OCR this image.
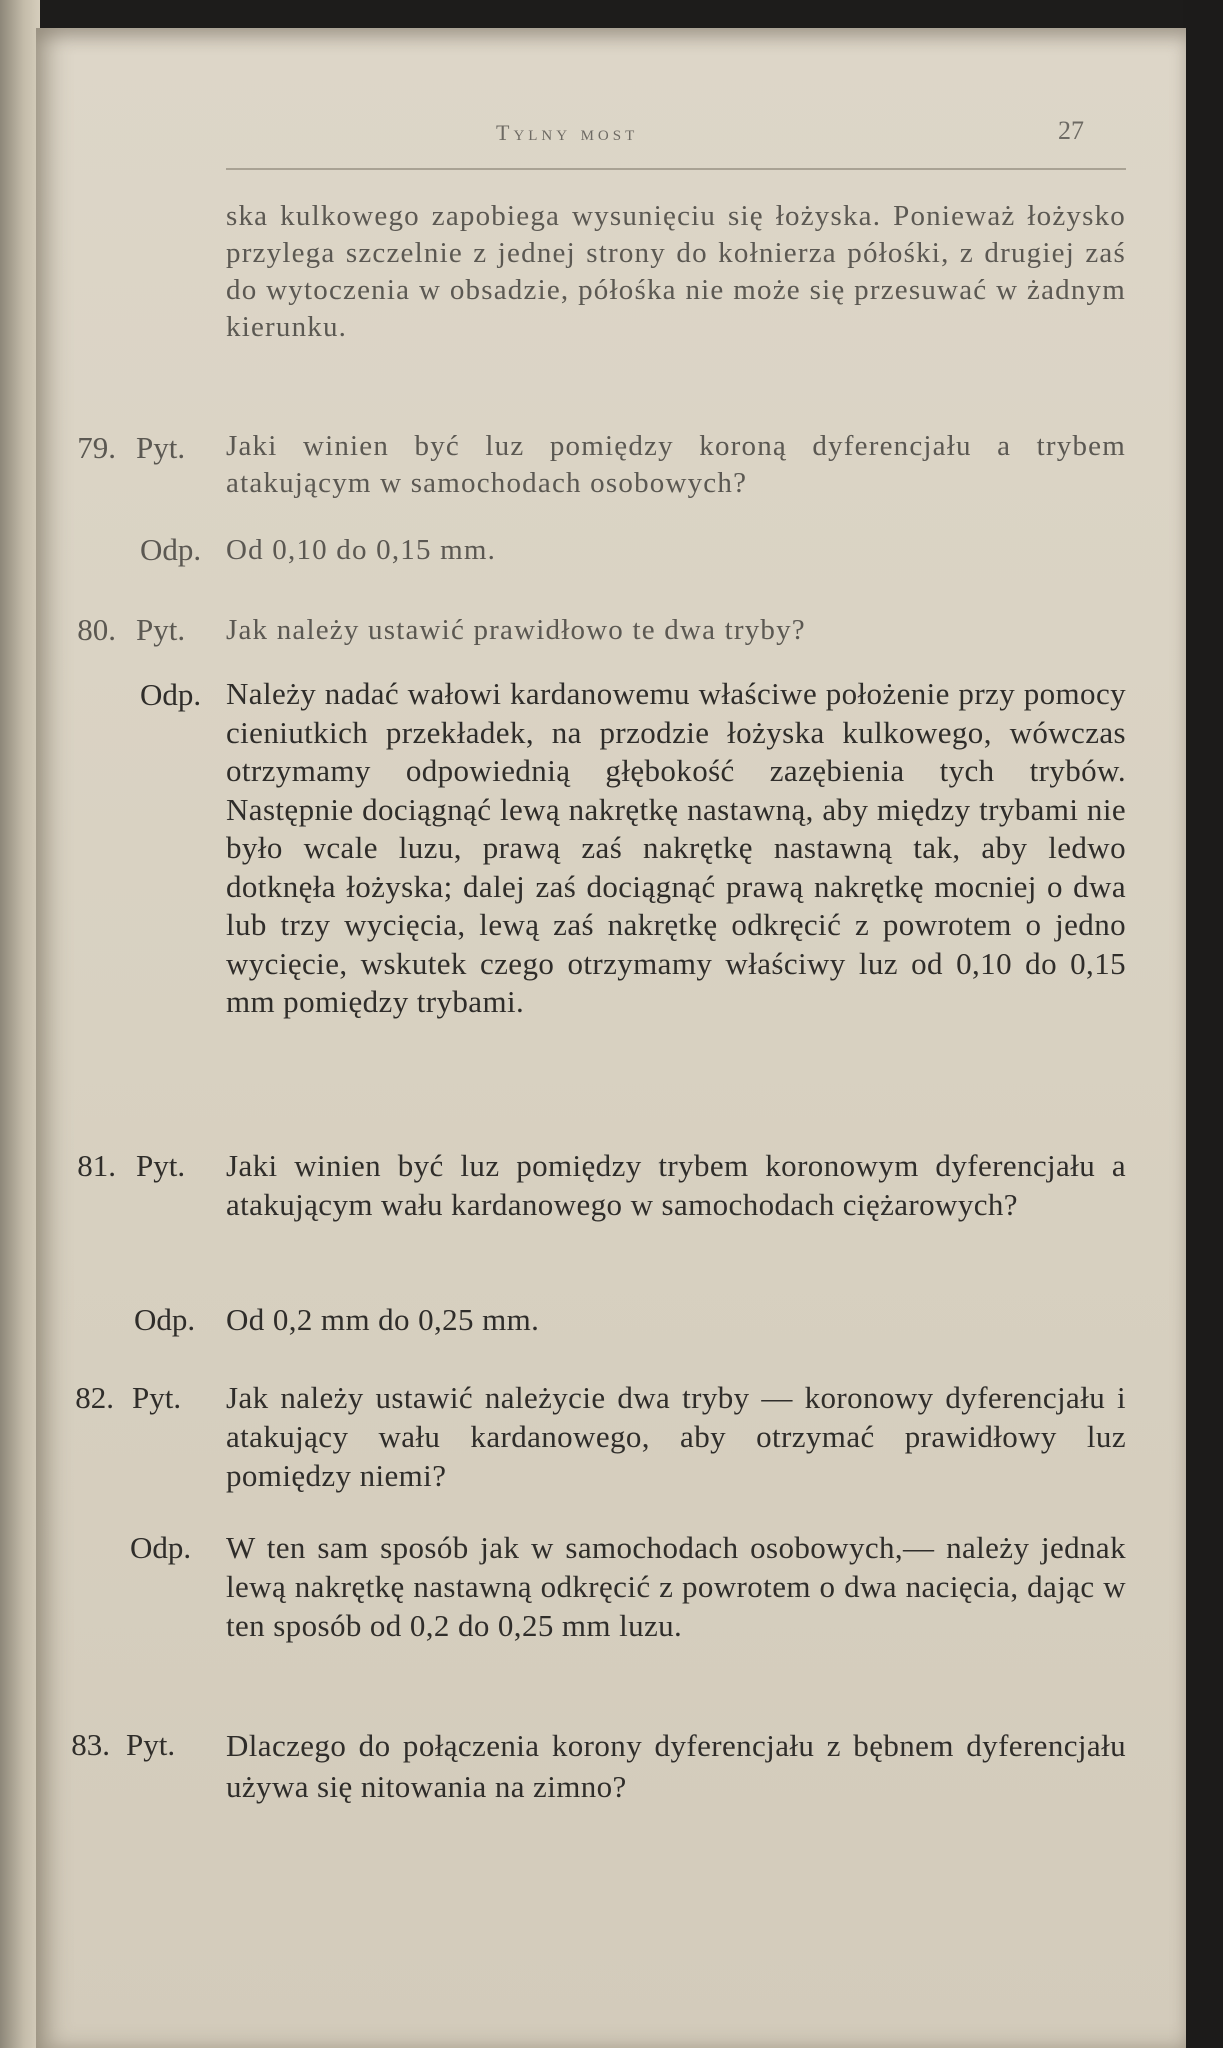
Tylny most	27
ska kulkowego zapobiega wysunięciu się łożyska. Ponieważ łożysko przylega szczelnie z jednej strony do kołnierza półośki, z drugiej zaś do wytoczenia w obsadzie, półośka nie może się przesuwać w żadnym kierunku.
79. Pyt.	Jaki winien być luz pomiędzy koroną dyferencjału a trybem atakującym w samochodach osobowych?
Odp. Od 0,10 do 0,15 mm.
80. Pyt.	Jak należy ustawić prawidłowo te dwa tryby?
Odp. Należy nadać wałowi kardanowemu właściwe położenie przy pomocy cieniutkich przekładek, na przodzie łożyska kulkowego, wówczas otrzymamy odpowiednią głębokość zazębienia tych trybów. Następnie dociągnąć lewą nakrętkę nastawną, aby między trybami nie było wcale luzu, prawą zaś nakrętkę nastawną tak, aby ledwo dotknęła łożyska; dalej zaś dociągnąć prawą nakrętkę mocniej o dwa lub trzy wycięcia, lewą zaś nakrętkę odkręcić z powrotem o jedno wycięcie, wskutek czego otrzymamy właściwy luz od 0,10 do 0,15 mm pomiędzy trybami.
81. Pyt.	Jaki winien być luz pomiędzy trybem koronowym dyferencjału a atakującym wału kardanowego w samochodach ciężarowych?
Odp. Od 0,2 mm do 0,25 mm.
82. Pyt.	Jak należy ustawić należycie dwa tryby — koronowy dyferencjału i atakujący wału kardanowego, aby otrzymać prawidłowy luz pomiędzy niemi?
Odp.	W ten sam sposób jak w samochodach osobowych,— należy jednak lewą nakrętkę nastawną odkręcić z powrotem o dwa nacięcia, dając w ten sposób od 0,2 do 0,25 mm luzu.
83. Pyt.	Dlaczego do połączenia korony dyferencjału z bębnem dyferencjału używa się nitowania na zimno?
